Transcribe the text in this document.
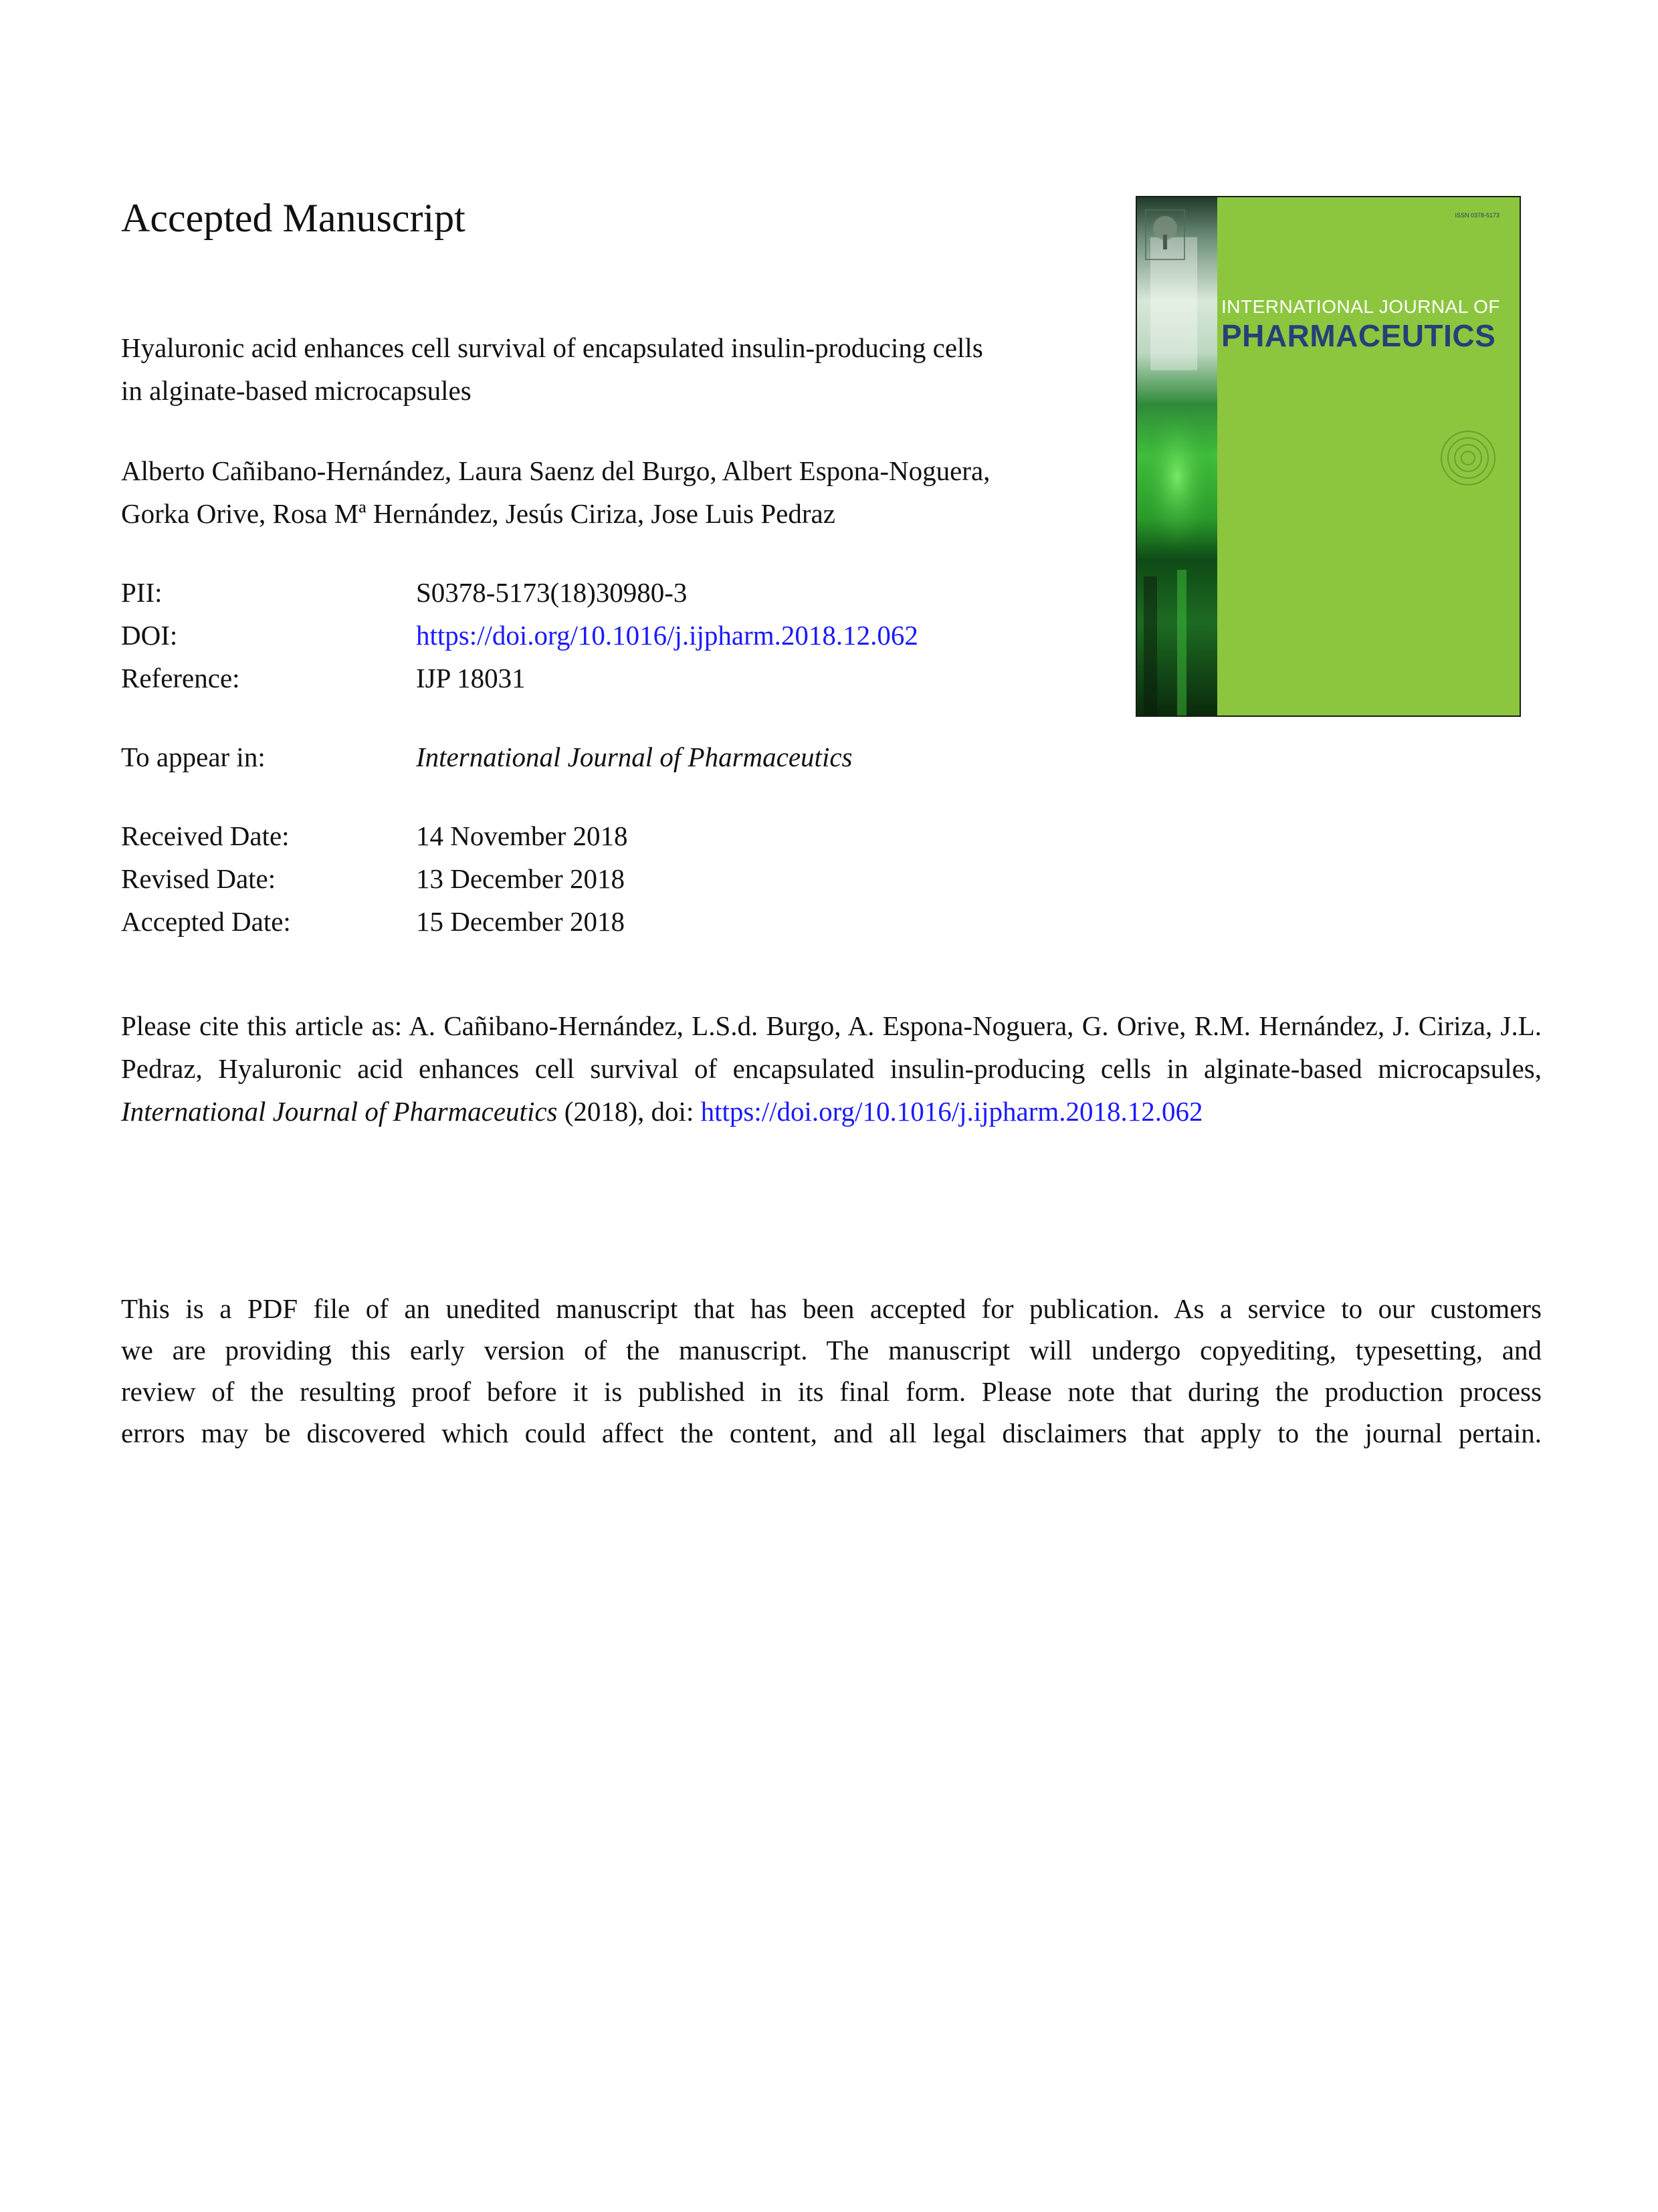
Accepted Manuscript

Hyaluronic acid enhances cell survival of encapsulated insulin-producing cells
in alginate-based microcapsules

Alberto Cañibano-Hernández, Laura Saenz del Burgo, Albert Espona-Noguera,
Gorka Orive, Rosa Mª Hernández, Jesús Ciriza, Jose Luis Pedraz

PII:	S0378-5173(18)30980-3
DOI:	https://doi.org/10.1016/j.ijpharm.2018.12.062
Reference:	IJP 18031
To appear in:	International Journal of Pharmaceutics
Received Date:	14 November 2018
Revised Date:	13 December 2018
Accepted Date:	15 December 2018

Please cite this article as: A. Cañibano-Hernández, L.S.d. Burgo, A. Espona-Noguera, G. Orive, R.M. Hernández, J. Ciriza, J.L. Pedraz, Hyaluronic acid enhances cell survival of encapsulated insulin-producing cells in alginate-based microcapsules, International Journal of Pharmaceutics (2018), doi: https://doi.org/10.1016/j.ijpharm.2018.12.062

This is a PDF file of an unedited manuscript that has been accepted for publication. As a service to our customers
we are providing this early version of the manuscript. The manuscript will undergo copyediting, typesetting, and
review of the resulting proof before it is published in its final form. Please note that during the production process
errors may be discovered which could affect the content, and all legal disclaimers that apply to the journal pertain.

ISSN 0378-5173
INTERNATIONAL JOURNAL OF
PHARMACEUTICS
